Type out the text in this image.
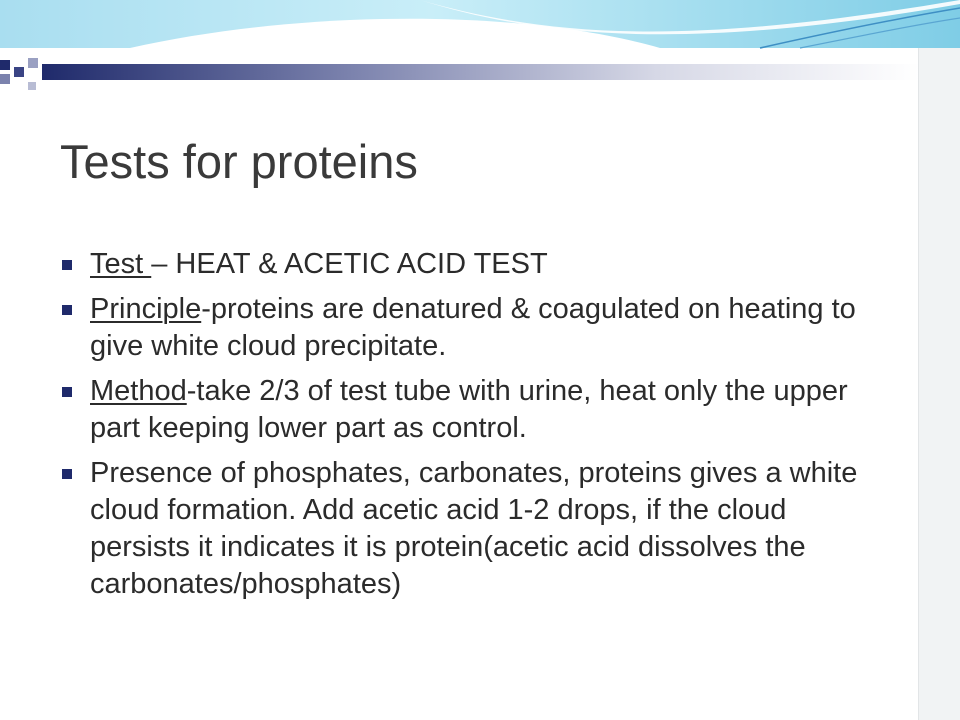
Tests for proteins
Test – HEAT & ACETIC ACID TEST
Principle-proteins are denatured & coagulated on heating to give white cloud precipitate.
Method-take 2/3 of test tube with urine, heat only the upper part keeping lower part as control.
Presence of phosphates, carbonates, proteins gives a white cloud formation. Add acetic acid 1-2 drops, if the cloud persists it indicates it is protein(acetic acid dissolves the carbonates/phosphates)
